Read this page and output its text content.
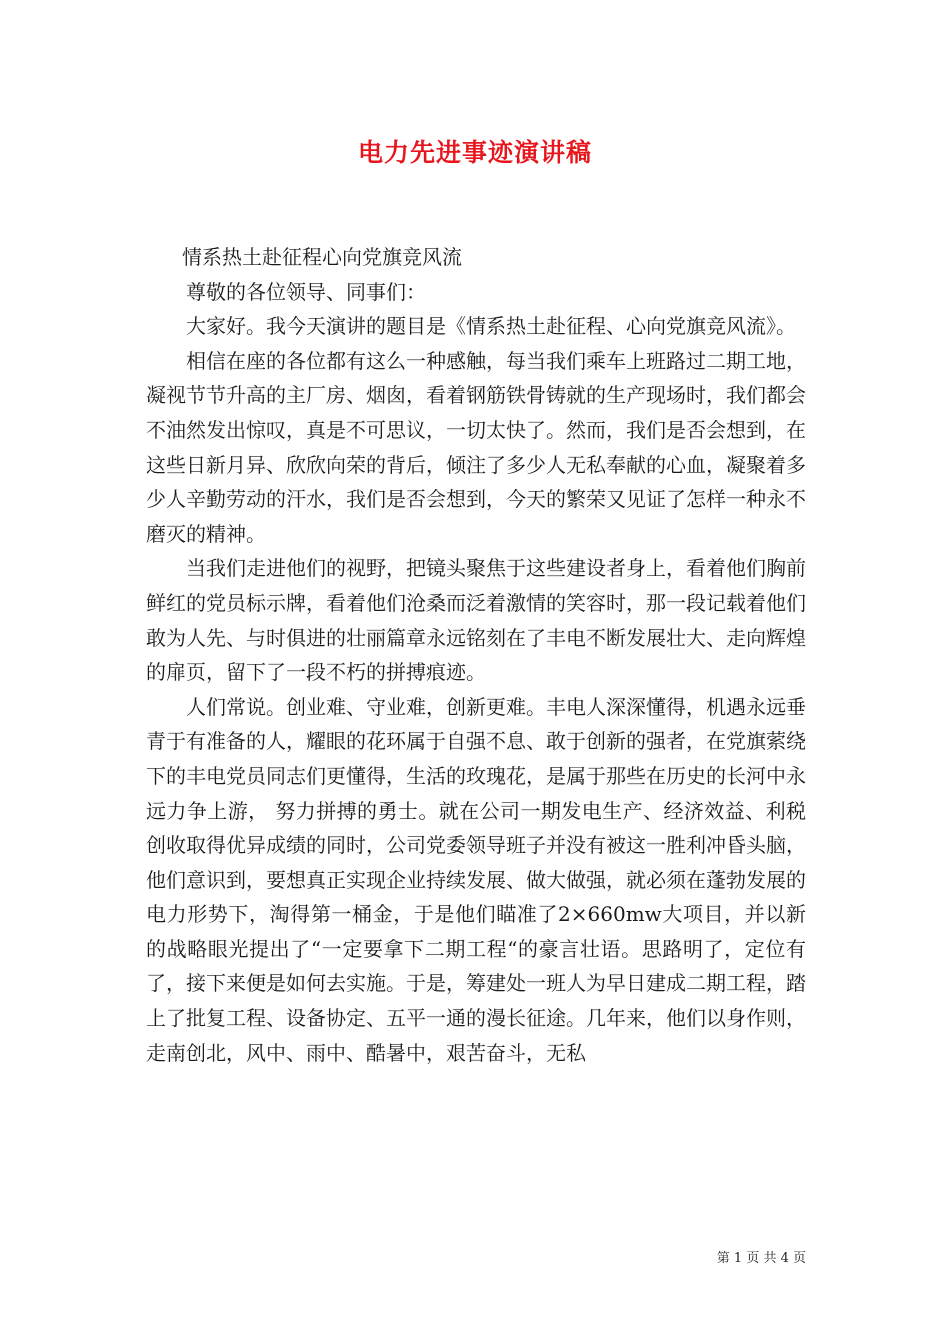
电力先进事迹演讲稿

情系热土赴征程心向党旗竞风流

尊敬的各位领导、同事们：

大家好。我今天演讲的题目是《情系热土赴征程、心向党旗竞风流》。

相信在座的各位都有这么一种感触，每当我们乘车上班路过二期工地，凝视节节升高的主厂房、烟囱，看着钢筋铁骨铸就的生产现场时，我们都会不油然发出惊叹，真是不可思议，一切太快了。然而，我们是否会想到，在这些日新月异、欣欣向荣的背后，倾注了多少人无私奉献的心血，凝聚着多少人辛勤劳动的汗水，我们是否会想到，今天的繁荣又见证了怎样一种永不磨灭的精神。

当我们走进他们的视野，把镜头聚焦于这些建设者身上，看着他们胸前鲜红的党员标示牌，看着他们沧桑而泛着激情的笑容时，那一段记载着他们敢为人先、与时俱进的壮丽篇章永远铭刻在了丰电不断发展壮大、走向辉煌的扉页，留下了一段不朽的拼搏痕迹。

人们常说。创业难、守业难，创新更难。丰电人深深懂得，机遇永远垂青于有准备的人，耀眼的花环属于自强不息、敢于创新的强者，在党旗萦绕下的丰电党员同志们更懂得，生活的玫瑰花，是属于那些在历史的长河中永远力争上游， 努力拼搏的勇士。就在公司一期发电生产、经济效益、利税创收取得优异成绩的同时，公司党委领导班子并没有被这一胜利冲昏头脑，他们意识到，要想真正实现企业持续发展、做大做强，就必须在蓬勃发展的电力形势下，淘得第一桶金，于是他们瞄准了2×660mw大项目，并以新的战略眼光提出了“一定要拿下二期工程“的豪言壮语。思路明了，定位有了，接下来便是如何去实施。于是，筹建处一班人为早日建成二期工程，踏上了批复工程、设备协定、五平一通的漫长征途。几年来，他们以身作则，走南创北，风中、雨中、酷暑中，艰苦奋斗，无私

第 1 页 共 4 页
